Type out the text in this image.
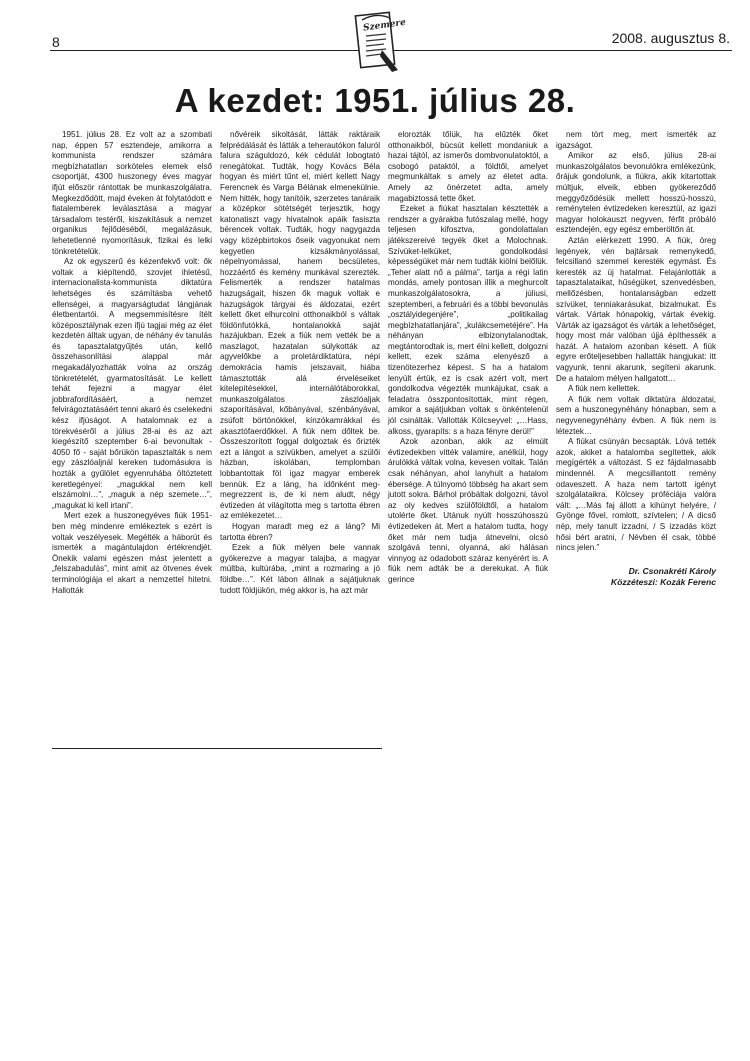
8	2008. augusztus 8.
Szemere
A kezdet: 1951. július 28.

1951. július 28. Ez volt az a szombati nap, éppen 57 esztendeje, amikorra a kommunista rendszer számára megbízhatatlan sorköteles elemek első csoportját, 4300 huszonegy éves magyar ifjút először rántottak be munkaszolgálatra. Megkezdődött, majd éveken át folytatódott e fiatalemberek leválasztása a magyar társadalom testéről, kiszakításuk a nemzet organikus fejlődéséből, megalázásuk, lehetetlenné nyomorításuk, fizikai és lelki tönkretételük.

Az ok egyszerű és kézenfekvő volt: ők voltak a kiépítendő, szovjet ihletésű, internacionalista-kommunista diktatúra lehetséges és számításba vehető ellenségei, a magyarságtudat lángjának életbentartói. A megsemmisítésre ítélt középosztálynak ezen ifjú tagjai még az élet kezdetén álltak ugyan, de néhány év tanulás és tapasztalatgyűjtés után, kellő összehasonlítási alappal már megakadályozhatták volna az ország tönkretételét, gyarmatosítását. Le kellett tehát fejezni a magyar élet jobbrafordításáért, a nemzet felvirágoztatásáért tenni akaró és cselekedni kész ifjúságot. A hatalomnak ez a törekvéséről a július 28-ai és az azt kiegészítő szeptember 6-ai bevonultak - 4050 fő - saját bőrükön tapasztalták s nem egy zászlóaljnál kereken tudomásukra is hozták a gyűlölet egyenruhába öltöztetett keretlegényei: „magukkal nem kell elszámolni…”, „maguk a nép szemete…”, „magukat ki kell irtani”.

Mert ezek a huszonegyéves fiúk 1951-ben még mindenre emlékeztek s ezért is voltak veszélyesek. Megélték a háborút és ismerték a magántulajdon értékrendjét. Önekik valami egészen mást jelentett a „felszabadulás”, mint amit az ötvenes évek terminológiája el akart a nemzettel hitetni. Hallották

nővéreik sikoltását, látták raktáraik felprédálását és látták a teherautókon faluról falura száguldozó, kék cédulát lobogtató renegátokat. Tudták, hogy Kovács Béla hogyan és miért tűnt el, miért kellett Nagy Ferencnek és Varga Bélának elmenekülnie. Nem hitték, hogy tanítóik, szerzetes tanáraik a középkor sötétségét terjesztik, hogy katonatiszt vagy hivatalnok apáik fasiszta bérencek voltak. Tudták, hogy nagygazda vagy középbirtokos őseik vagyonukat nem kegyetlen kizsákmányolással, népelnyomással, hanem becsületes, hozzáértő és kemény munkával szerezték. Felismerték a rendszer hatalmas hazugságait, hiszen ők maguk voltak e hazugságok tárgyai és áldozatai, ezért kellett őket elhurcolni otthonaikból s váltak földönfutókká, hontalanokká saját hazájukban. Ezek a fiúk nem vették be a maszlagot, hazatalan súlykották az agyvelőkbe a proletárdiktatúra, népi demokrácia hamis jelszavait, hiába támasztották alá érveléseiket kitelepítésekkel, internálótáborokkal, munkaszolgálatos zászlóaljak szaporításával, kőbányával, szénbányával, zsúfolt börtönökkel, kínzókamrákkal és akasztófaerdőkkel. A fiúk nem dőltek be. Összeszorított foggal dolgoztak és őrizték ezt a lángot a szívükben, amelyet a szülői házban, iskolában, templomban lobbantottak föl igaz magyar emberek bennük. Ez a láng, ha időnként meg-megrezzent is, de ki nem aludt, négy évtizeden át világította meg s tartotta ébren az emlékezetet…

Hogyan maradt meg ez a láng? Mi tartotta ébren?

Ezek a fiúk mélyen bele vannak gyökerezve a magyar talajba, a magyar múltba, kultúrába, „mint a rozmaring a jó földbe…”. Két lábon állnak a sajátjuknak tudott földjükön, még akkor is, ha azt már

elorozták tőlük, ha elűzték őket otthonaikból, búcsút kellett mondaniuk a hazai tájtól, az ismerős dombvonulatoktól, a csobogó pataktól, a földtől, amelyet megmunkáltak s amely az életet adta. Amely az önérzetet adta, amely magabiztossá tette őket.

Ezeket a fiúkat hasztalan késztették a rendszer a gyárakba futószalag mellé, hogy teljesen kifosztva, gondolattalan játékszereivé tegyék őket a Molochnak. Szívüket-lelküket, gondolkodási képességüket már nem tudták kiölni belőlük. „Teher alatt nő a pálma”, tartja a régi latin mondás, amely pontosan illik a meghurcolt munkaszolgálatosokra, a júliusi, szeptemberi, a februári és a többi bevonulás „osztályidegenjére”, „politikailag megbízhatatlanjára”, „kulákcsemetéjére”. Ha néhányan elbizonytalanodtak, megtántorodtak is, mert élni kellett, dolgozni kellett, ezek száma elenyésző a tizenötezerhez képest. S ha a hatalom lenyúlt értük, ez is csak azért volt, mert gondolkodva végezték munkájukat, csak a feladatra összpontosítottak, mint régen, amikor a sajátjukban voltak s önkéntelenül jól csinálták. Vallották Kölcseyvel: „…Hass, alkoss, gyarapíts: s a haza fényre derül!”

Azok azonban, akik az elmúlt évtizedekben vitték valamire, anélkül, hogy árulókká váltak volna, kevesen voltak. Talán csak néhányan, ahol lanyhult a hatalom ébersége. A túlnyomó többség ha akart sem jutott sokra. Bárhol próbáltak dolgozni, távol az oly kedves szülőföldtől, a hatalom utolérte őket. Utánuk nyúlt hosszúhosszú évtizedeken át. Mert a hatalom tudta, hogy őket már nem tudja átnevelni, olcsó szolgává tenni, olyanná, aki hálásan vinnyog az odadobott száraz kenyérért is. A fiúk nem adták be a derekukat. A fiúk gerince

nem tört meg, mert ismerték az igazságot.

Amikor az első, július 28-ai munkaszolgálatos bevonulókra emlékezünk, őrájuk gondolunk, a fiúkra, akik kitartottak múltjuk, elveik, ebben gyökereződő meggyőződésük mellett hosszú-hosszú, reménytelen évtizedeken keresztül, az igazi magyar holokauszt negyven, férfit próbáló esztendején, egy egész emberöltőn át.

Aztán elérkezett 1990. A fiúk, öreg legények, vén bajtársak remenykedő, felcsillanó szemmel keresték egymást. És keresték az új hatalmat. Felajánlották a tapasztalataikat, hűségüket, szenvedésben, mellőzésben, hontalanságban edzett szívüket, tenniakarásukat, bizalmukat. És vártak. Vártak hónapokig, vártak évekig. Várták az igazságot és várták a lehetőséget, hogy most már valóban újjá építhessék a hazát. A hatalom azonban késett. A fiúk egyre erőteljesebben hallatták hangjukat: itt vagyunk, tenni akarunk, segíteni akarunk. De a hatalom mélyen hallgatott…

A fiúk nem kellettek.

A fiúk nem voltak diktatúra áldozatai, sem a huszonegynéhány hónapban, sem a negyvenegynéhány évben. A fiúk nem is léteztek…

A fiúkat csúnyán becsapták. Lóvá tették azok, akiket a hatalomba segítettek, akik megígérték a változást. S ez fájdalmasabb mindennél. A megcsillantott remény odaveszett. A haza nem tartott igényt szolgálataikra. Kölcsey próféciája valóra vált: „…Más faj állott a kihúnyt helyére, / Gyönge fővel, romlott, szívtelen; / A dicső nép, mely tanult izzadni, / S izzadás közt hősi bért aratni, / Névben él csak, többé nincs jelen.”

Dr. Csonakréti Károly
Közzéteszi: Kozák Ferenc
